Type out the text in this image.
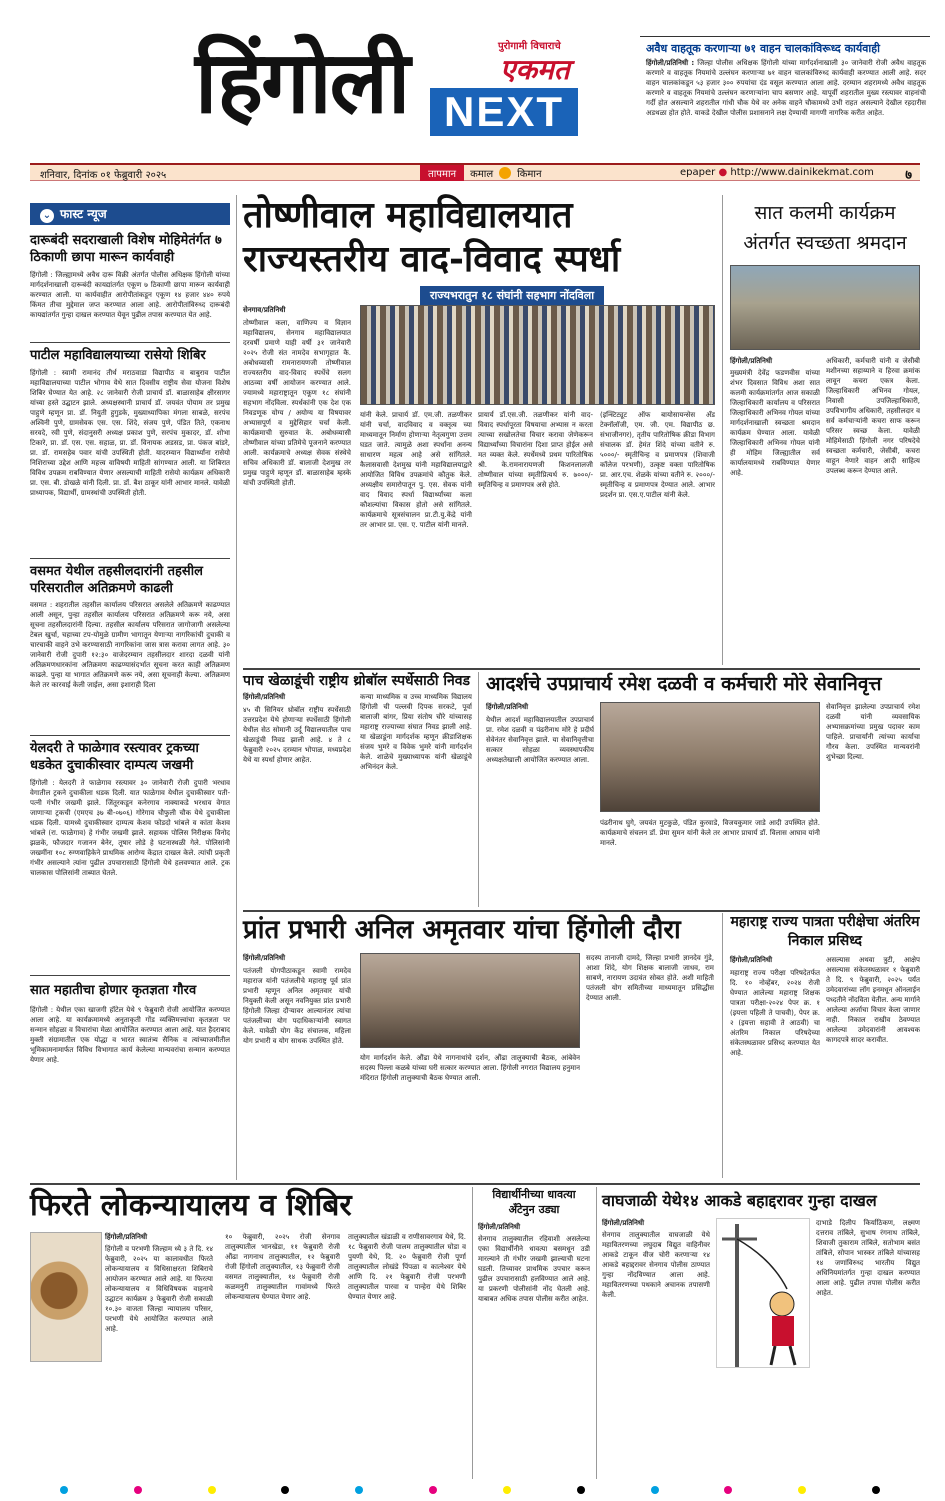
हिंगोली	पुरोगामी विचाराचे
एकमत
NEXT
अवैध वाहतूक करणाऱ्या ७१ वाहन चालकांविरूध्द कार्यवाही
हिंगोली/प्रतिनिधी : जिल्हा पोलीस अधिक्षक हिंगोली यांच्या मार्गदर्शनाखाली ३० जानेवारी रोजी अवैध वाहतूक करणारे व वाहतूक नियमांचे उल्लंघन करणाऱ्या ७१ वाहन चालकांविरुध्द कार्यवाही करण्यात आली आहे. सदर वाहन चालकांकडून ५३ हजार ३०० रुपयांचा दंड वसूल करण्यात आला आहे. दरम्यान शहरामध्ये अवैध वाहतूक करणारे व वाहतूक नियमांचे उल्लंघन करणाऱ्यांना चाप बसणार आहे. यापूर्वी शहरातील मुख्य रस्त्यावर वाहनांची गर्दी होत असल्याने शहरातील गांधी चौक येथे वर अनेक वाहने चौकामध्ये उभी राहत असल्याने देखील रहदारीस अडथळा होत होते. याकडे देखील पोलीस प्रशासनाने लक्ष देण्याची मागणी नागरिक करीत आहेत.
शनिवार, दिनांक ०१ फेब्रुवारी २०२५	तापमान	कमाल किमान	epaper ● http://www.dainikekmat.com ७
⌄ फास्ट न्यूज
दारूबंदी सदराखाली विशेष मोहिमेतंर्गत ७ ठिकाणी छापा मारून कार्यवाही
हिंगोली : जिल्ह्यामध्ये अवैध दारू विक्री अंतर्गत पोलीस अधिक्षक हिंगोली यांच्या मार्गदर्शनाखाली दारूबंदी कायद्यांतर्गत एकूण ७ ठिकाणी छापा मारून कार्यवाही करण्यात आली. या कार्यवाहीत आरोपीतांकडून एकूण १४ हजार ४४० रुपये किंमत तीचा मुद्देमाल जप्त करण्यात आला आहे. आरोपीतांविरुध्द दारूबंदी कायद्यांतर्गत गुन्हा दाखल करण्यात येवून पुढील तपास करण्यात येत आहे.
पाटील महाविद्यालयाच्या रासेयो शिबिर
हिंगोली : स्वामी रामानंद तीर्थ मराठवाडा विद्यापीठ व बाबुराव पाटील महाविद्यालयाच्या पाटील भोगाव येथे सात दिवसीय राष्ट्रीय सेवा योजना विशेष शिबिर घेण्यात येत आहे. २८ जानेवारी रोजी प्राचार्य डॉ. बाळासाहेब क्षीरसागर यांच्या हस्ते उद्घाटन झाले. अध्यक्षस्थानी प्राचार्य डॉ. जयवंत पोयाम तर प्रमुख पाहुणे म्हणून प्रा. डॉ. नियुती हुगुडके, मुख्याध्यापिका मंगला साबळे, सरपंच अश्विनी पुणे, ग्रामसेवक एस. एस. शिंदे, संजय पुणे, पंडित तिते, एकनाथ सरवदे, रवी पुणे, संदानुसरी अध्यक्ष प्रकाश पुणे, सरपंच मुकादर, डॉ. शोभा टिकारे, प्रा. डॉ. एस. एस. सहाळ, प्रा. डॉ. विनायक अडसड, प्रा. पंकज बांडरे, प्रा. डॉ. रामसहेब पवार यांची उपस्थिती होती. यादरम्यान विद्यार्थ्यांना रासेयो निशिराच्या उद्देश आणि महत्त्व वाविषयी माहिती सांगण्यात आली. या शिबिरात विविध उपक्रम राबविण्यात येणार असल्याची माहिती रासेयो कार्यक्रम अधिकारी प्रा. एस. बी. डोखळे यांनी दिली. प्रा. डॉ. बैश ठाकूर यांनी आभार मानले. यावेळी प्राध्यापक, विद्यार्थी, ग्रामस्थांची उपस्थिती होती.
वसमत येथील तहसीलदारांनी तहसील परिसरातील अतिक्रमणे काढली
वसमत : शहरातील तहसील कार्यालय परिसरात असलेले अतिक्रमणे काढण्यात आली असून, पुन्हा तहसील कार्यालय परिसरात अतिक्रमणे करू नये, असा सूचना तहसीलदारांनी दिल्या. तहसील कार्यालय परिसरात जागोजागी असलेल्या टेबल खुर्चा, चहाच्या टप-योमुळे ग्रामीण भागातून येणाऱ्या नागरिकांची दुचाकी व चारचाकी वाहने उभे करण्यासाठी नागरिकांना जास त्रास करावा लागत आहे. ३० जानेवारी रोजी दुपारी १२:३० वाजेदरम्यान तहसीलदार शारदा दळवी यांनी अतिक्रमणधारकांना अतिक्रमण काढण्यासंदर्भात सूचना करत काही अतिक्रमण काढले. पुन्हा या भागात अतिक्रमणे करू नये, असा सूचनाही केल्या. अतिक्रमण केले तर कारवाई केली जाईल, असा इशाराही दिला
येलदरी ते फाळेगाव रस्त्यावर ट्रकच्या धडकेत दुचाकीस्वार दाम्पत्य जखमी
हिंगोली : येलदरी ते फाळेगाव रस्त्यावर ३० जानेवारी रोजी दुपारी भरधाव वेगातील ट्रकने दुचाकीला धडक दिली. यात फाळेगाव येथील दुचाकीस्वार पती-पत्नी गंभीर जखमी झाले. जिंतूरकडून कनेरगाव नाक्याकडे भरधाव वेगात जाणाऱ्या ट्रकची (एमएच ३७ बी-०७०६) गोरेगाव चौफुली चौक येथे दुचाकीला धडक दिली. यामध्ये दुचाकीस्वार दाम्पत्य केशव फोडदो भांबले व कांता केशव भांबले (रा. फाळेगाव) हे गंभीर जखमी झाले. सहायक पोलिस निरीक्षक विनोद झळके, फौजदार गजानन बेनेर, तूषार लोडे हे घटनास्थळी गेले. पोलिसांनी जखमींना १०८ रुग्णवाहिकेने प्राथमिक आरोग्य केंद्रात दाखल केले. त्यांची प्रकृती गंभीर असल्याने त्यांना पुढील उपचारासाठी हिंगोली येथे हलवण्यात आले. ट्रक चालकास पोलिसांनी ताब्यात घेतले.
सात महातीचा होणार कृतज्ञता गौरव
हिंगोली : येथील एका खाजगी हॉटेल येथे ९ फेब्रुवारी रोजी आयोजित करण्यात आला आहे. या कार्यक्रमामध्ये अनुताकृती गोंड व्यक्तिमत्त्वांचा कृतज्ञता पर सन्मान सोहळा व विचारांचा मेळा आयोजित करण्यात आला आहे. यात हैदराबाद मुक्ती संग्रामातील एक योद्धा व भारत स्वातंत्र्य सैनिक व त्यांच्याजमीतील भूमिकामनामार्फत विविध विभागात कार्य केलेल्या मान्यवरांचा सन्मान करण्यात येणार आहे.
तोष्णीवाल महाविद्यालयात राज्यस्तरीय वाद-विवाद स्पर्धा
राज्यभरातुन १८ संघांनी सहभाग नोंदविला
सेनगाव/प्रतिनिधी
तोष्णीवाल कला, वाणिज्य व विज्ञान महाविद्यालय, सेनगाव महाविद्यालयात दरवर्षी प्रमाणे याही वर्षी ३१ जानेवारी २०२५ रोजी संत नामदेव सभागृहात कै. अबोधव्यासी रामनारायणजी तोष्णीवाल राज्यस्तरीय वाद-विवाद स्पर्धेचे सलग आठव्या वर्षी आयोजन करण्यात आले. ज्यामध्ये महाराष्ट्रातून एकूण १८ संघांनी सहभाग नोंदविला. स्पर्धकांनी एक देश एक निवडणूक योग्य / अयोग्य या विषयावर अभ्यासपूर्ण व मुद्देसिहार चर्चा केली. कार्यक्रमाची सुरुवात के. अबोधव्यासी तोष्णीवाल यांच्या प्रतिमेचे पूजनाने करण्यात आली. कार्यक्रमाचे अध्यक्ष सेवक संस्थेचे सचिव अधिकारी डॉ. बालाजी देशमुख तर प्रमुख पाहुणे म्हणून डॉ. बाळासाहेब म्हस्के यांची उपस्थिती होती.
यांनी केले. प्राचार्य डॉ. एम.जी. तळणीकर यांनी चर्चा, वादविवाद व वक्तृत्व च्या माध्यमातून निर्माण होणाऱ्या नेतृत्वगुणा उत्तम घडत जाते. त्यामुळे अशा स्पर्धांना अनन्य साधारण महत्व आहे असे सांगितले. कैलासवासी देशमुख यांनी महाविद्यालयाद्वारे आयोजित विविध उपक्रमांचे कौतुक केले. अध्यक्षीय समारोपातून पु. एस. सेवक यांनी वाद विवाद स्पर्धा विद्यार्थ्यांच्या कला कौशल्यांचा विकास होतो असे सांगितले. कार्यक्रमाचे सूत्रसंचालन प्रा.टी.यु.केंद्रे यांनी तर आभार प्रा. एस. ए. पाटील यांनी मानले.
प्रायार्य डॉ.एस.जी. तळणीकर यांनी वाद-विवाद स्पर्धापूरता विषयाचा अभ्यास न करता त्याच्या सखोलतेचा विचार करावा जेणेकरून विद्यार्थ्यांच्या विचारांना दिशा प्राप्त होईल असे मत व्यक्त केले. स्पर्धेमध्ये प्रथम पारितोषिक श्री. के.रामनारायणजी किशनलालजी तोष्णीवाल यांच्या स्मृतीप्रित्यर्थ रु. ७०००/- स्मृतिचिन्ह व प्रमाणपत्र असे होते.
(इन्स्टिट्यूट ऑफ बायोसायन्सेस ॲंड टेक्नॉलॉजी, एम. जी. एम. विद्यापीठ छ. संभाजीनगर), तृतीय पारितोषिक क्रीडा विभाग संचालक डॉ. हेमंत शिंदे यांच्या वतीने रु. ५०००/- स्मृतीचिन्ह व प्रमाणपत्र (शिवाजी कॉलेज परभणी), उत्कृष्ट वक्ता पारितोषिक प्रा. आर.एच. शेळके यांच्या वतीने रु. २०००/- स्मृतीचिन्ह व प्रमाणपत्र देण्यात आले. आभार प्रदर्शन प्रा. एस.ए.पाटील यांनी केले.
सात कलमी कार्यक्रम अंतर्गत स्वच्छता श्रमदान
हिंगोली/प्रतिनिधी
मुख्यमंत्री देवेंद्र फडणवीस यांच्या शंभर दिवसात विविध अशा सात कलमी कार्यक्रमांतर्गत आज सकाळी जिल्हाधिकारी कार्यालय व परिसरात जिल्हाधिकारी अभिनव गोयल यांच्या मार्गदर्शनाखाली स्वच्छता श्रमदान कार्यक्रम घेण्यात आला. यावेळी जिल्हाधिकारी अभिनव गोयल यांनी ही मोहिम जिल्ह्यातील सर्व कार्यालयामध्ये राबविण्यात येणार आहे.
अधिकारी, कर्मचारी यांनी व जेसीबी मशीनच्या सहाय्याने व हिरवा क्रमांक लावून कचरा एकत्र केला. जिल्हाधिकारी अभिनव गोयल, निवासी उपजिल्हाधिकारी, उपविभागीय अधिकारी, तहसीलदार व सर्व कर्मचाऱ्यांनी कचरा साफ करून परिसर स्वच्छ केला. यावेळी मोहिमेसाठी हिंगोली नगर परिषदेचे स्वच्छता कर्मचारी, जेसीबी, कचरा वाहून नेणारे वाहन आदी साहित्य उपलब्ध करून देण्यात आले.
पाच खेळाडूंची राष्ट्रीय थ्रोबॉल स्पर्धेसाठी निवड
हिंगोली/प्रतिनिधी
४५ वी सिनियर थ्रोबॉल राष्ट्रीय स्पर्धेसाठी उत्तरप्रदेश येथे होणाऱ्या स्पर्धेसाठी हिंगोली येथील सेठ सोमानी उर्दू विद्यालयातील पाच खेळाडूंची निवड झाली आहे. ४ ते ८ फेब्रुवारी २०२५ दरम्यान भोपाळ, मध्यप्रदेश येथे या स्पर्धा होणार आहेत.
कन्या माध्यमिक व उच्च माध्यमिक विद्यालय हिंगोली ची पल्लवी दिपक सरकटे, पूर्वा बालाजी बांगर, प्रिया संतोष चौरे यांच्यासह महाराष्ट्र राज्याच्या संघात निवड झाली आहे. या खेळाडूंना मार्गदर्शक म्हणून क्रीडाशिक्षक संजय भुमरे व विवेक भुमरे यांनी मार्गदर्शन केले. शाळेचे मुख्याध्यापक यांनी खेळाडूंचे अभिनंदन केले.
आदर्शचे उपप्राचार्य रमेश दळवी व कर्मचारी मोरे सेवानिवृत्त
हिंगोली/प्रतिनिधी
येथील आदर्श महाविद्यालयातील उपप्राचार्य प्रा. रमेश दळवी व पंढरीनाथ मोरे हे प्रदीर्घ सेवेनंतर सेवानिवृत्त झाले. या सेवानिवृत्तीचा सत्कार सोहळा व्यवस्थापकीय अध्यक्षतेखाली आयोजित करण्यात आला.
पंढरीनाथ घुगे, जयवंत मुटकुळे, पंडित कुरवाडे, विजयकुमार जाडे आदी उपस्थित होते. कार्यक्रमाचे संचलन डॉ. प्रेमा सुमन यांनी केले तर आभार प्राचार्य डॉ. विलास आघाव यांनी मानले.
सेवानिवृत्त झालेल्या उपप्राचार्य रमेश दळवी यांनी व्यवसायिक अभ्यासक्रमांच्या प्रमुख पदावर काम पाहिले. प्राचार्यांनी त्यांच्या कार्याचा गौरव केला. उपस्थित मान्यवरांनी शुभेच्छा दिल्या.
प्रांत प्रभारी अनिल अमृतवार यांचा हिंगोली दौरा
हिंगोली/प्रतिनिधी
पतंजली योगपीठाकडून स्वामी रामदेव महाराज यांनी पतंजलीचे महाराष्ट्र पूर्व प्रांत प्रभारी म्हणून अनिल अमृतवार यांची नियुक्ती केली असून नवनियुक्त प्रांत प्रभारी हिंगोली जिल्हा दौऱ्यावर आल्यानंतर त्यांचा पतंजलीच्या योग पदाधिकाऱ्यांनी स्वागत केले. यावेळी योग केंद्र संचालक, महिला योग प्रभारी व योग साधक उपस्थित होते.
योग मार्गदर्शन केले. औंढा येथे नागनाथांचे दर्शन, औंढा तालुक्याची बैठक, आंबेवेन सदस्य पिल्ला कळबे यांच्या घरी सत्कार करण्यात आला. हिंगोली नगरात विद्यालय हनुमान मंदिरात हिंगोली तालुक्याची बैठक घेण्यात आली.
सदस्य तानाजी दामदे, जिल्हा प्रभारी ज्ञानदेव गुंडे, आशा शिंदे, योग शिक्षक बालाजी जाधव, राम साबणे, नारायण उदावंत सोबत होते. अशी माहिती पतंजली योग समितीच्या माध्यमातून प्रसिद्धीस देण्यात आली.
महाराष्ट्र राज्य पात्रता परीक्षेचा अंतरिम निकाल प्रसिध्द
हिंगोली/प्रतिनिधी
महाराष्ट्र राज्य परीक्षा परिषदेतर्फत दि. १० नोव्हेंबर, २०२४ रोजी घेण्यात आलेल्या महाराष्ट्र शिक्षक पात्रता परीक्षा-२०२४ पेपर क्र. १ (इयत्ता पहिली ते पाचवी), पेपर क्र. २ (इयत्ता सहावी ते आठवी) चा अंतरिम निकाल परिषदेच्या संकेतस्थळावर प्रसिध्द करण्यात येत आहे.
असल्यास अथवा त्रुटी, आक्षेप असल्यास संकेतस्थळावर १ फेब्रुवारी ते दि. ९ फेब्रुवारी, २०२५ पर्यंत उमेदवारांच्या लॉग इनमधून ऑनलाईन पध्दतीने नोंदविता येतील. अन्य मार्गाने आलेल्या अर्जाचा विचार केला जाणार नाही. निकाल राखीव ठेवण्यात आलेल्या उमेदवारांनी आवश्यक कागदपत्रे सादर करावीत.
फिरते लोकन्यायालय व शिबिर
हिंगोली/प्रतिनिधी
हिंगोली व परभणी जिल्हाम ध्ये ३ ते दि. १४ फेब्रुवारी, २०२५ या कालावधीत फिरते लोकन्यायालय व विधिसाक्षरता शिबिराचे आयोजन करण्यात आले आहे. या फिरत्या लोकन्यायालय व विधिविषयक वाहनाचे उद्घाटन कार्यक्रम ३ फेब्रुवारी रोजी सकाळी १०.३० वाजता जिल्हा न्यायालय परिसर, परभणी येथे आयोजित करण्यात आले आहे.
१० फेब्रुवारी, २०२५ रोजी सेनगाव तालुक्यातील भानखेडा, ११ फेब्रुवारी रोजी औंढा नागनाथ तालुक्यातील, १२ फेब्रुवारी रोजी हिंगोली तालुक्यातील, १३ फेब्रुवारी रोजी वसमत तालुक्यातील, १४ फेब्रुवारी रोजी कळमनुरी तालुक्यातील गावांमध्ये फिरते लोकन्यायालय घेण्यात येणार आहे.
तालुक्यातील खंडाळी व राणीसावरगाव येथे, दि. १८ फेब्रुवारी रोजी पालम तालुक्यातील घोडा व पुयणी येथे, दि. २० फेब्रुवारी रोजी पूर्णा तालुक्यातील लोखंडे पिंपळा व कात्नेश्वर येथे आणि दि. २१ फेब्रुवारी रोजी परभणी तालुक्यातील पारवा व पान्हेरा येथे शिबिर घेण्यात येणार आहे.
विद्यार्थीनीच्या धावत्या ॲंटेनुन उड्या
हिंगोली/प्रतिनिधी
सेनगाव तालुक्यातील रहिवाशी असलेल्या एका विद्यार्थीनीने धावत्या बसमधून उडी मारल्याने ती गंभीर जखमी झाल्याची घटना घडली. तिच्यावर प्राथमिक उपचार करून पुढील उपचारासाठी हलविण्यात आले आहे. या प्रकरणी पोलीसांनी नोंद घेतली आहे. याबाबत अधिक तपास पोलीस करीत आहेत.
वाघजाळी येथे१४ आकडे बहाद्दरावर गुन्हा दाखल
हिंगोली/प्रतिनिधी
सेनगाव तालुक्यातील वाघजाळी येथे महावितरणच्या लघुदाब विद्युत वाहिनीवर आकडे टाकून वीज चोरी करणाऱ्या १४ आकडे बहाद्दरावर सेनगाव पोलीस ठाण्यात गुन्हा नोंदविण्यात आला आहे. महावितरणच्या पथकाने अचानक तपासणी केली.
दाभाडे दिलीप किर्याठिकण, लक्ष्मण दत्तराव तांबिले, सुभाष रंगनाथ तांबिले, शिवाजी तुकाराम तांबिले, सतोभाम बसंत तांबिले, सोपान भास्कर तांबिले यांच्यासह १४ जणांविरुध्द भारतीय विद्युत अधिनियमांतर्गत गुन्हा दाखल करण्यात आला आहे. पुढील तपास पोलीस करीत आहेत.
